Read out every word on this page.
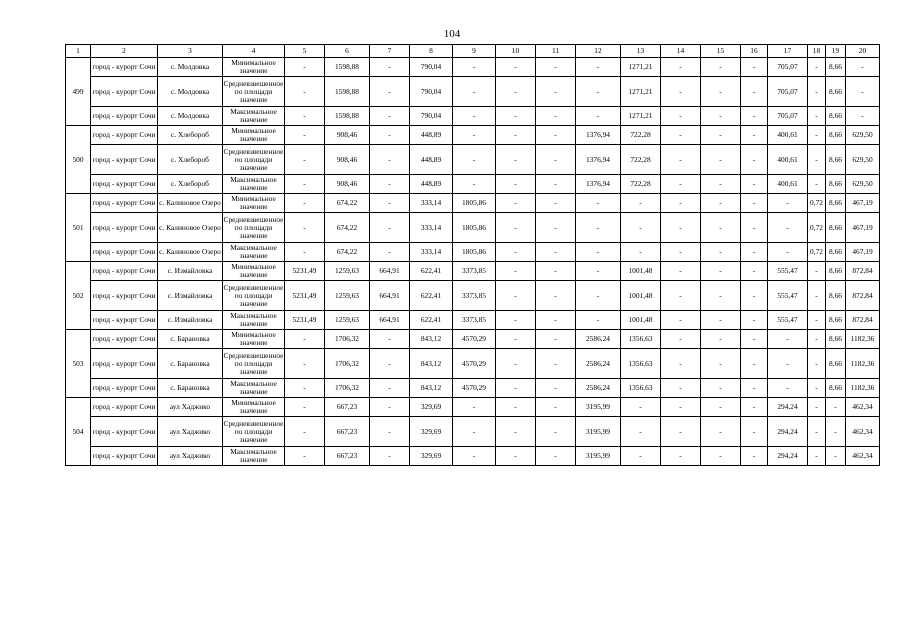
104
1	2	3	4	5	6	7	8	9	10	11	12	13	14	15	16	17	18	19	20
499	город - курорт Сочи	с. Молдовка	Минимальное значение	-	1598,88	-	790,04	-	-	-	-	1271,21	-	-	-	705,07	-	8,66	-
	город - курорт Сочи	с. Молдовка	Средневзвешенное по площади значение	-	1598,88	-	790,04	-	-	-	-	1271,21	-	-	-	705,07	-	8,66	-
	город - курорт Сочи	с. Молдовка	Максимальное значение	-	1598,88	-	790,04	-	-	-	-	1271,21	-	-	-	705,07	-	8,66	-
500	город - курорт Сочи	с. Хлебороб	Минимальное значение	-	908,46	-	448,89	-	-	-	1376,94	722,28	-	-	-	400,61	-	8,66	629,50
	город - курорт Сочи	с. Хлебороб	Средневзвешенное по площади значение	-	908,46	-	448,89	-	-	-	1376,94	722,28	-	-	-	400,61	-	8,66	629,50
	город - курорт Сочи	с. Хлебороб	Максимальное значение	-	908,46	-	448,89	-	-	-	1376,94	722,28	-	-	-	400,61	-	8,66	629,50
501	город - курорт Сочи	с. Калиновое Озеро	Минимальное значение	-	674,22	-	333,14	1805,86	-	-	-	-	-	-	-	-	0,72	8,66	467,19
	город - курорт Сочи	с. Калиновое Озеро	Средневзвешенное по площади значение	-	674,22	-	333,14	1805,86	-	-	-	-	-	-	-	-	0,72	8,66	467,19
	город - курорт Сочи	с. Калиновое Озеро	Максимальное значение	-	674,22	-	333,14	1805,86	-	-	-	-	-	-	-	-	0,72	8,66	467,19
502	город - курорт Сочи	с. Измайловка	Минимальное значение	5231,49	1259,63	664,91	622,41	3373,85	-	-	-	1001,48	-	-	-	555,47	-	8,66	872,84
	город - курорт Сочи	с. Измайловка	Средневзвешенное по площади значение	5231,49	1259,63	664,91	622,41	3373,85	-	-	-	1001,48	-	-	-	555,47	-	8,66	872,84
	город - курорт Сочи	с. Измайловка	Максимальное значение	5231,49	1259,63	664,91	622,41	3373,85	-	-	-	1001,48	-	-	-	555,47	-	8,66	872,84
503	город - курорт Сочи	с. Барановка	Минимальное значение	-	1706,32	-	843,12	4570,29	-	-	2586,24	1356,63	-	-	-	-	-	8,66	1182,36
	город - курорт Сочи	с. Барановка	Средневзвешенное по площади значение	-	1706,32	-	843,12	4570,29	-	-	2586,24	1356,63	-	-	-	-	-	8,66	1182,36
	город - курорт Сочи	с. Барановка	Максимальное значение	-	1706,32	-	843,12	4570,29	-	-	2586,24	1356,63	-	-	-	-	-	8,66	1182,36
504	город - курорт Сочи	аул Хаджико	Минимальное значение	-	667,23	-	329,69	-	-	-	3195,99	-	-	-	-	294,24	-	-	462,34
	город - курорт Сочи	аул Хаджико	Средневзвешенное по площади значение	-	667,23	-	329,69	-	-	-	3195,99	-	-	-	-	294,24	-	-	462,34
	город - курорт Сочи	аул Хаджико	Максимальное значение	-	667,23	-	329,69	-	-	-	3195,99	-	-	-	-	294,24	-	-	462,34
